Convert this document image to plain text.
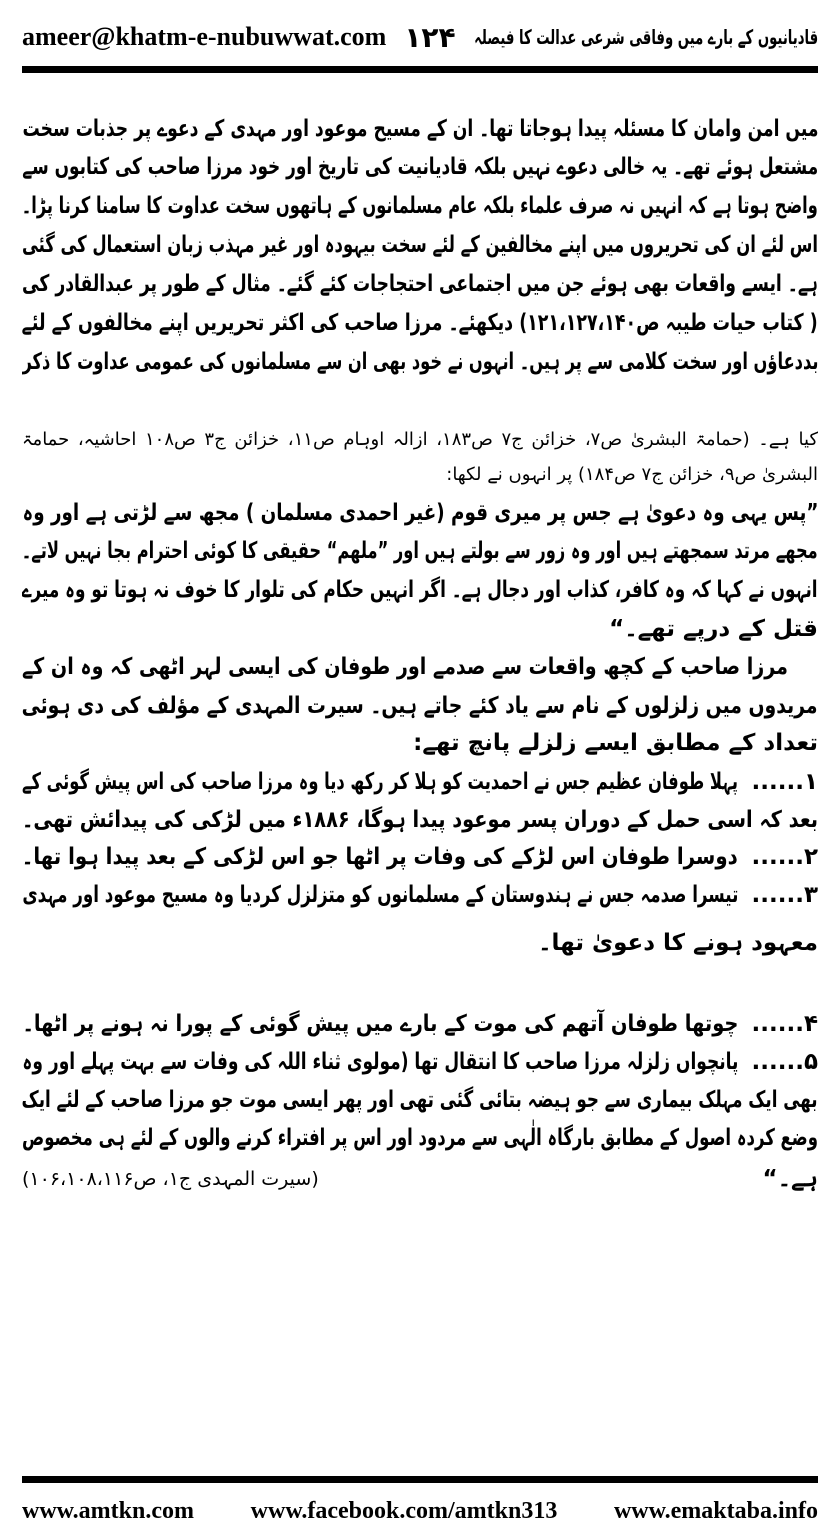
ameer@khatm-e-nubuwwat.com ۱۲۴ قادیانیوں کے بارے میں وفاقی شرعی عدالت کا فیصلہ
میں امن وامان کا مسئلہ پیدا ہوجاتا تھا۔ ان کے مسیح موعود اور مہدی کے دعوے پر جذبات سخت
مشتعل ہوئے تھے۔ یہ خالی دعوے نہیں بلکہ قادیانیت کی تاریخ اور خود مرزا صاحب کی کتابوں سے
واضح ہوتا ہے کہ انہیں نہ صرف علماء بلکہ عام مسلمانوں کے ہاتھوں سخت عداوت کا سامنا کرنا پڑا۔
اس لئے ان کی تحریروں میں اپنے مخالفین کے لئے سخت بیہودہ اور غیر مہذب زبان استعمال کی گئی
ہے۔ ایسے واقعات بھی ہوئے جن میں اجتماعی احتجاجات کئے گئے۔ مثال کے طور پر عبدالقادر کی
( کتاب حیات طیبہ ص۱۲۱،۱۲۷،۱۴۰) دیکھئے۔ مرزا صاحب کی اکثر تحریریں اپنے مخالفوں کے لئے
بددعاؤں اور سخت کلامی سے پر ہیں۔ انہوں نے خود بھی ان سے مسلمانوں کی عمومی عداوت کا ذکر
کیا ہے۔ (حمامۃ البشریٰ ص۷، خزائن ج۷ ص۱۸۳، ازالہ اوہام ص۱۱، خزائن ج۳ ص۱۰۸ احاشیہ، حمامۃ
البشریٰ ص۹، خزائن ج۷ ص۱۸۴) پر انہوں نے لکھا:
”پس یہی وہ دعویٰ ہے جس پر میری قوم (غیر احمدی مسلمان ) مجھ سے لڑتی ہے اور وہ
مجھے مرتد سمجھتے ہیں اور وہ زور سے بولتے ہیں اور ”ملھم“ حقیقی کا کوئی احترام بجا نہیں لاتے۔
انہوں نے کہا کہ وہ کافر، کذاب اور دجال ہے۔ اگر انہیں حکام کی تلوار کا خوف نہ ہوتا تو وہ میرے
قتل کے درپے تھے۔“
مرزا صاحب کے کچھ واقعات سے صدمے اور طوفان کی ایسی لہر اٹھی کہ وہ ان کے
مریدوں میں زلزلوں کے نام سے یاد کئے جاتے ہیں۔ سیرت المہدی کے مؤلف کی دی ہوئی
تعداد کے مطابق ایسے زلزلے پانچ تھے:
۱......
پہلا طوفان عظیم جس نے احمدیت کو ہلا کر رکھ دیا وہ مرزا صاحب کی اس پیش گوئی کے
بعد کہ اسی حمل کے دوران پسر موعود پیدا ہوگا، ۱۸۸۶ء میں لڑکی کی پیدائش تھی۔
۲......
دوسرا طوفان اس لڑکے کی وفات پر اٹھا جو اس لڑکی کے بعد پیدا ہوا تھا۔
۳......
تیسرا صدمہ جس نے ہندوستان کے مسلمانوں کو متزلزل کردیا وہ مسیح موعود اور مہدی
معہود ہونے کا دعویٰ تھا۔
۴......
چوتھا طوفان آتھم کی موت کے بارے میں پیش گوئی کے پورا نہ ہونے پر اٹھا۔
۵......
پانچواں زلزلہ مرزا صاحب کا انتقال تھا (مولوی ثناء اللہ کی وفات سے بہت پہلے اور وہ
بھی ایک مہلک بیماری سے جو ہیضہ بتائی گئی تھی اور پھر ایسی موت جو مرزا صاحب کے لئے ایک
وضع کردہ اصول کے مطابق بارگاہ الٰہی سے مردود اور اس پر افتراء کرنے والوں کے لئے ہی مخصوص
ہے۔“
(سیرت المہدی ج۱، ص۱۰۶،۱۰۸،۱۱۶)
www.amtkn.com www.facebook.com/amtkn313 www.emaktaba.info
